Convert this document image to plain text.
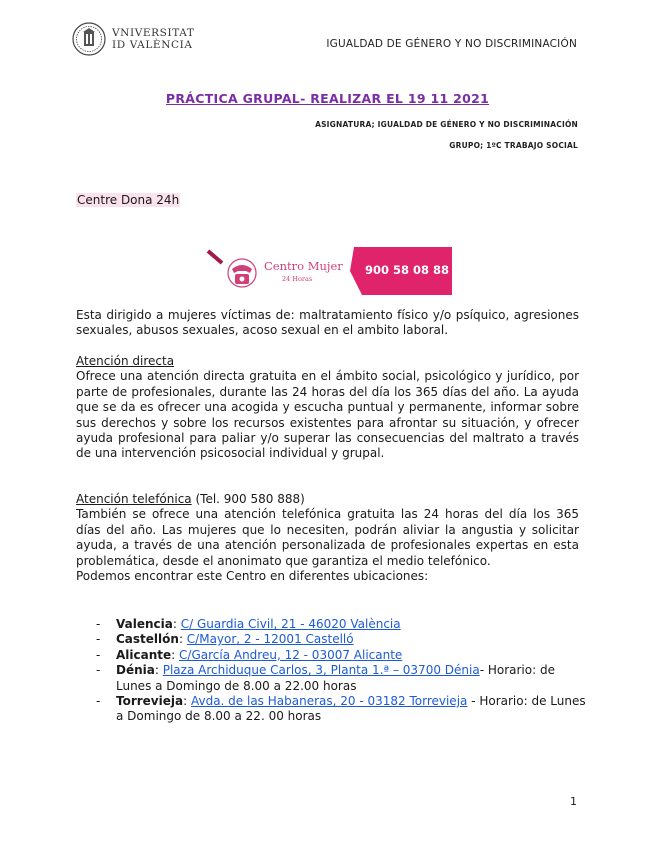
VNIVERSITAT
ID VALÈNCIA	IGUALDAD DE GÉNERO Y NO DISCRIMINACIÓN
PRÁCTICA GRUPAL- REALIZAR EL 19 11 2021
ASIGNATURA; IGUALDAD DE GÉNERO Y NO DISCRIMINACIÓN
GRUPO; 1ºC TRABAJO SOCIAL
Centre Dona 24h
Centro Mujer
24 Horas
900 58 08 88
Esta dirigido a mujeres víctimas de: maltratamiento físico y/o psíquico, agresiones sexuales, abusos sexuales, acoso sexual en el ambito laboral.
Atención directa
Ofrece una atención directa gratuita en el ámbito social, psicológico y jurídico, por parte de profesionales, durante las 24 horas del día los 365 días del año. La ayuda que se da es ofrecer una acogida y escucha puntual y permanente, informar sobre sus derechos y sobre los recursos existentes para afrontar su situación, y ofrecer ayuda profesional para paliar y/o superar las consecuencias del maltrato a través de una intervención psicosocial individual y grupal.
Atención telefónica (Tel. 900 580 888)
También se ofrece una atención telefónica gratuita las 24 horas del día los 365 días del año. Las mujeres que lo necesiten, podrán aliviar la angustia y solicitar ayuda, a través de una atención personalizada de profesionales expertas en esta problemática, desde el anonimato que garantiza el medio telefónico.
Podemos encontrar este Centro en diferentes ubicaciones:
- Valencia: C/ Guardia Civil, 21 - 46020 València
- Castellón: C/Mayor, 2 - 12001 Castelló
- Alicante: C/García Andreu, 12 - 03007 Alicante
- Dénia: Plaza Archiduque Carlos, 3, Planta 1.ª – 03700 Dénia- Horario: de Lunes a Domingo de 8.00 a 22.00 horas
- Torrevieja: Avda. de las Habaneras, 20 - 03182 Torrevieja - Horario: de Lunes a Domingo de 8.00 a 22. 00 horas
1
